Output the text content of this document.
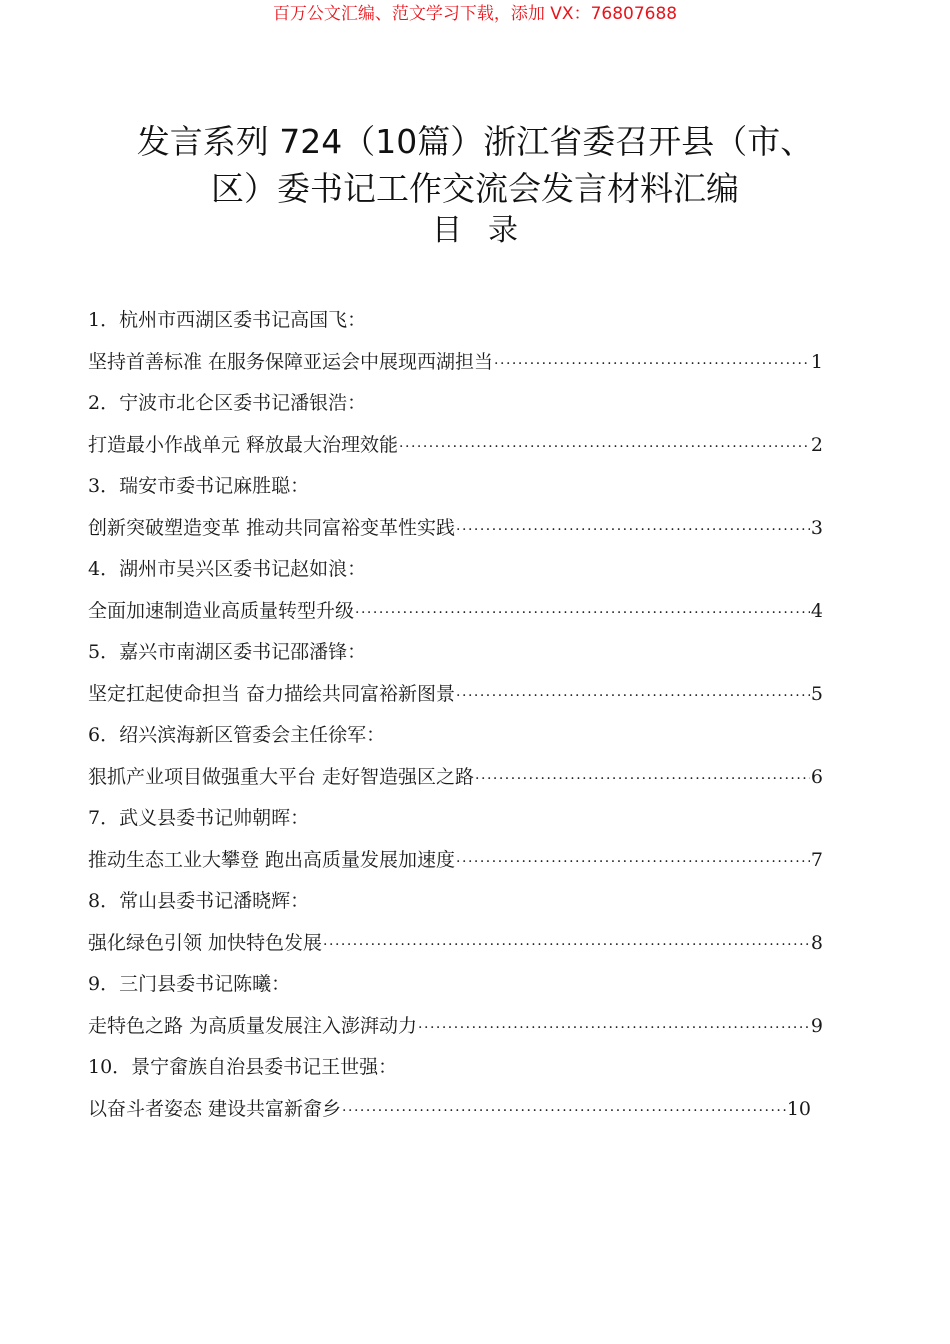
百万公文汇编、范文学习下载，添加 VX：76807688
发言系列 724（10篇）浙江省委召开县（市、
区）委书记工作交流会发言材料汇编
目录
1．杭州市西湖区委书记高国飞：
坚持首善标准 在服务保障亚运会中展现西湖担当 ·····	1
2．宁波市北仑区委书记潘银浩：
打造最小作战单元 释放最大治理效能 ·····	2
3．瑞安市委书记麻胜聪：
创新突破塑造变革 推动共同富裕变革性实践 ·····	3
4．湖州市吴兴区委书记赵如浪：
全面加速制造业高质量转型升级 ·····	4
5．嘉兴市南湖区委书记邵潘锋：
坚定扛起使命担当 奋力描绘共同富裕新图景 ·····	5
6．绍兴滨海新区管委会主任徐军：
狠抓产业项目做强重大平台 走好智造强区之路 ·····	6
7．武义县委书记帅朝晖：
推动生态工业大攀登 跑出高质量发展加速度 ·····	7
8．常山县委书记潘晓辉：
强化绿色引领 加快特色发展 ·····	8
9．三门县委书记陈曦：
走特色之路 为高质量发展注入澎湃动力 ·····	9
10．景宁畲族自治县委书记王世强：
以奋斗者姿态 建设共富新畲乡 ·····	10
